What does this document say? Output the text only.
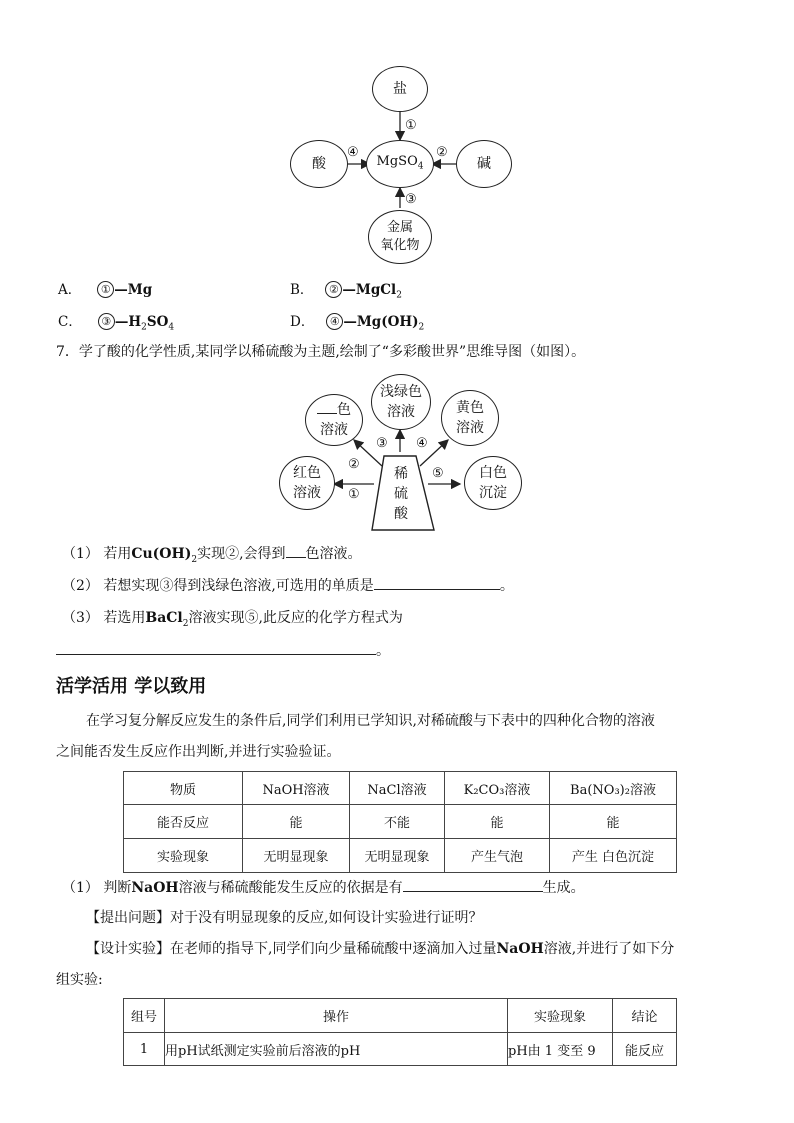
盐
MgSO$_4$
酸	碱
金属
氧化物
①
④	②
③
A． ① —Mg	B． ② —MgCl$_2$
C． ③ $—H_2SO_4$	D． ④ $—Mg(OH)_2$
7．学了酸的化学性质,某同学以稀硫酸为主题,绘制了“多彩酸世界”思维导图（如图）。
色
溶液
浅绿色
溶液	黄色
溶液
红色
溶液
白色
沉淀
稀
硫
酸
③ ④
②
①
⑤
（1） 若用$Cu(OH)_2$实现②,会得到 色溶液。
（2） 若想实现③得到浅绿色溶液,可选用的单质是	。
（3） 若选用BaCl$_2$溶液实现⑤,此反应的化学方程式为
。
活学活用 学以致用
在学习复分解反应发生的条件后,同学们利用已学知识,对稀硫酸与下表中的四种化合物的溶液
之间能否发生反应作出判断,并进行实验验证。
物质	NaOH溶液	NaCl溶液	K₂CO₃溶液	Ba(NO₃)₂溶液
能否反应	能	不能	能	能
实验现象	无明显现象	无明显现象	产生气泡	产生 白色沉淀
（1） 判断NaOH溶液与稀硫酸能发生反应的依据是有	生成。
【提出问题】对于没有明显现象的反应,如何设计实验进行证明？
【设计实验】在老师的指导下,同学们向少量稀硫酸中逐滴加入过量NaOH溶液,并进行了如下分
组实验:
组号	操作	实验现象	结论
1	用pH试纸测定实验前后溶液的pH	pH由 1 变至 9	能反应
